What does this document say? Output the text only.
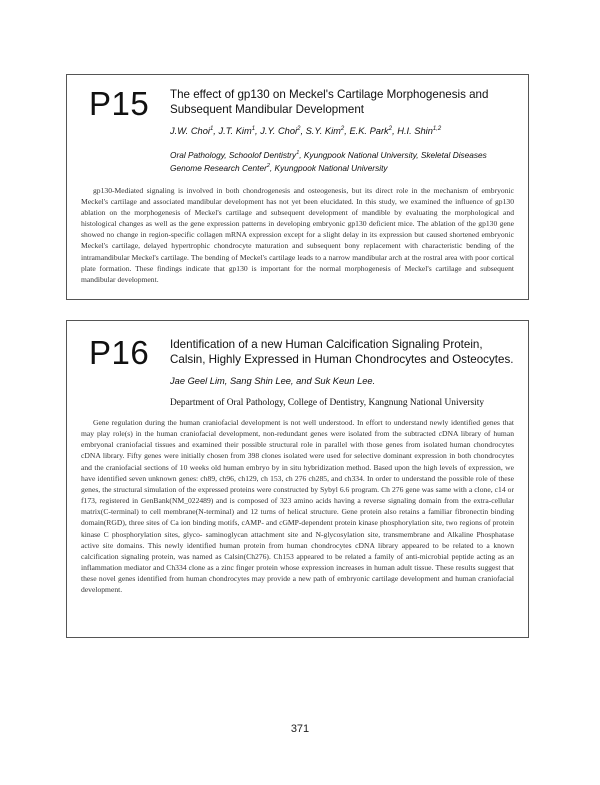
P15 The effect of gp130 on Meckel's Cartilage Morphogenesis and Subsequent Mandibular Development
J.W. Choi$^1$, J.T. Kim$^1$, J.Y. Choi$^2$, S.Y. Kim$^2$, E.K. Park$^2$, H.I. Shin$^{1,2}$
Oral Pathology, Schoolof Dentistry$^1$, Kyungpook National University, Skeletal Diseases
Genome Research Center$^2$, Kyungpook National University
gp130-Mediated signaling is involved in both chondrogenesis and osteogenesis, but its direct role in the mechanism of embryonic Meckel's cartilage and associated mandibular development has not yet been elucidated. In this study, we examined the influence of gp130 ablation on the morphogenesis of Meckel's cartilage and subsequent development of mandible by evaluating the morphological and histological changes as well as the gene expression patterns in developing embryonic gp130 deficient mice. The ablation of the gp130 gene showed no change in region-specific collagen mRNA expression except for a slight delay in its expression but caused shortened embryonic Meckel's cartilage, delayed hypertrophic chondrocyte maturation and subsequent bony replacement with characteristic bending of the intramandibular Meckel's cartilage. The bending of Meckel's cartilage leads to a narrow mandibular arch at the rostral area with poor cortical plate formation. These findings indicate that gp130 is important for the normal morphogenesis of Meckel's cartilage and subsequent mandibular development.
P16 Identification of a new Human Calcification Signaling Protein, Calsin, Highly Expressed in Human Chondrocytes and Osteocytes.
Jae Geel Lim, Sang Shin Lee, and Suk Keun Lee.
Department of Oral Pathology, College of Dentistry, Kangnung National University
Gene regulation during the human craniofacial development is not well understood. In effort to understand newly identified genes that may play role(s) in the human craniofacial development, non-redundant genes were isolated from the subtracted cDNA library of human embryonal craniofacial tissues and examined their possible structural role in parallel with those genes from isolated human chondrocytes cDNA library. Fifty genes were initially chosen from 398 clones isolated were used for selective dominant expression in both chondrocytes and the craniofacial sections of 10 weeks old human embryo by in situ hybridization method. Based upon the high levels of expression, we have identified seven unknown genes: ch89, ch96, ch129, ch 153, ch 276 ch285, and ch334. In order to understand the possible role of these genes, the structural simulation of the expressed proteins were constructed by Sybyl 6.6 program. Ch 276 gene was same with a clone, c14 or f173, registered in GenBank(NM_022489) and is composed of 323 amino acids having a reverse signaling domain from the extra-cellular matrix(C-terminal) to cell membrane(N-terminal) and 12 turns of helical structure. Gene protein also retains a familiar fibronectin binding domain(RGD), three sites of Ca ion binding motifs, cAMP- and cGMP-dependent protein kinase phosphorylation site, two regions of protein kinase C phosphorylation sites, glyco- saminoglycan attachment site and N-glycosylation site, transmembrane and Alkaline Phosphatase active site domains. This newly identified human protein from human chondrocytes cDNA library appeared to be related to a known calcification signaling protein, was named as Calsin(Ch276). Ch153 appeared to be related a family of anti-microbial peptide acting as an inflammation mediator and Ch334 clone as a zinc finger protein whose expression increases in human adult tissue. These results suggest that these novel genes identified from human chondrocytes may provide a new path of embryonic cartilage development and human craniofacial development.
371
